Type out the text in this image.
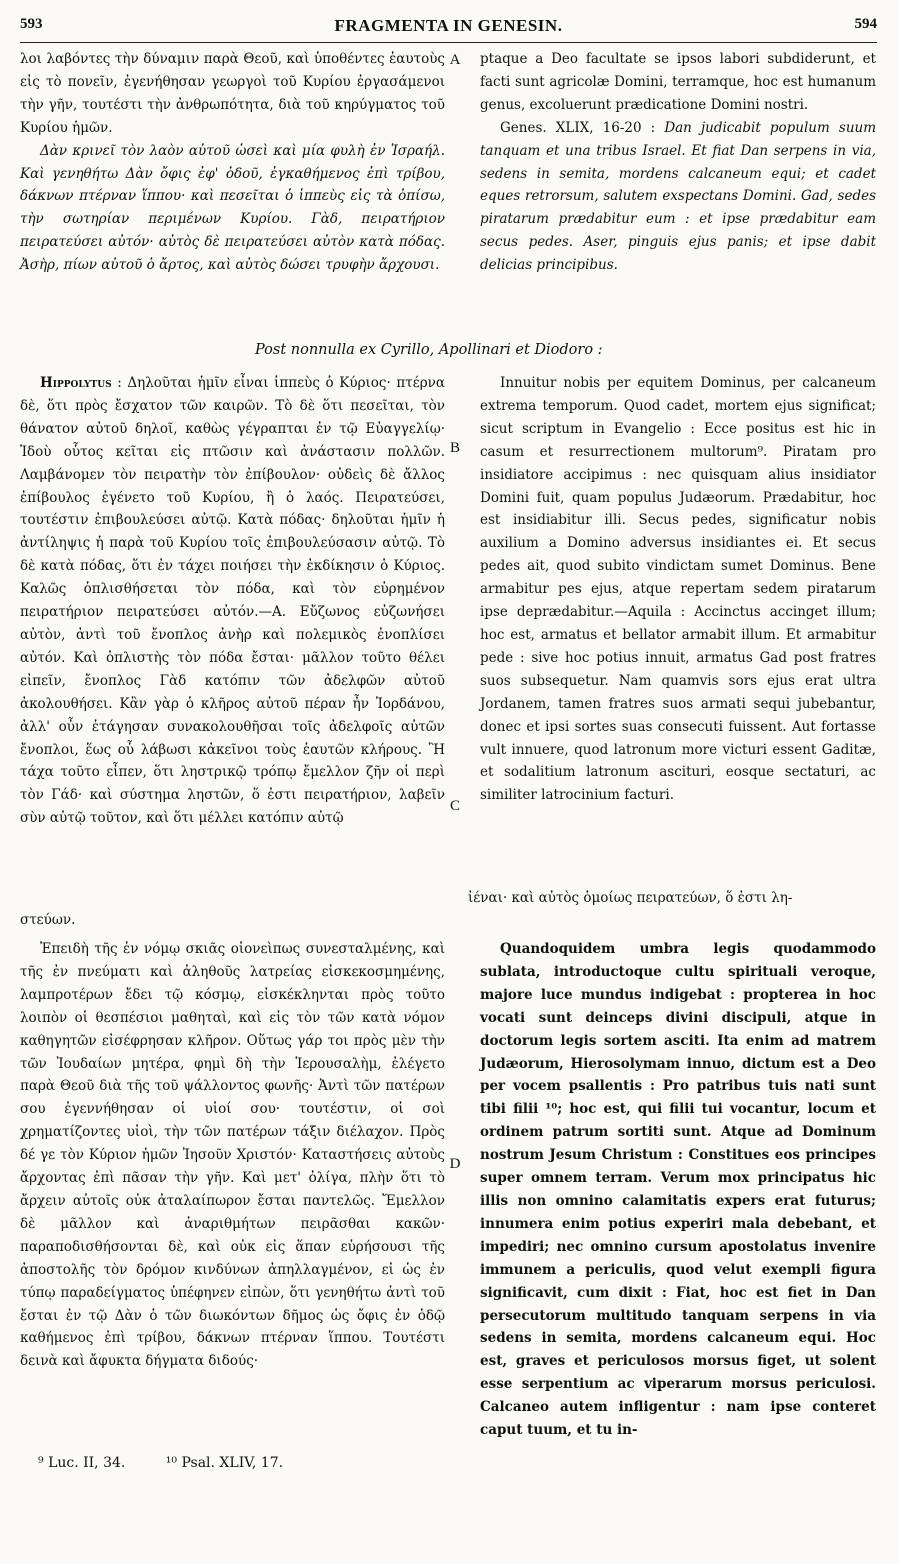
593	FRAGMENTA IN GENESIN.	594

λοι λαβόντες τὴν δύναμιν παρὰ Θεοῦ, καὶ ὑποθέντες ἑαυτοὺς εἰς τὸ πονεῖν, ἐγενήθησαν γεωργοὶ τοῦ Κυρίου ἐργασάμενοι τὴν γῆν, τουτέστι τὴν ἀνθρωπότητα, διὰ τοῦ κηρύγματος τοῦ Κυρίου ἡμῶν.

Δὰν κρινεῖ τὸν λαὸν αὐτοῦ ὡσεὶ καὶ μία φυλὴ ἐν Ἰσραήλ. Καὶ γενηθήτω Δὰν ὄφις ἐφ' ὁδοῦ, ἐγκαθήμενος ἐπὶ τρίβου, δάκνων πτέρναν ἵππου· καὶ πεσεῖται ὁ ἱππεὺς εἰς τὰ ὀπίσω, τὴν σωτηρίαν περιμένων Κυρίου. Γὰδ, πειρατήριον πειρατεύσει αὐτόν· αὐτὸς δὲ πειρατεύσει αὐτὸν κατὰ πόδας. Ἀσὴρ, πίων αὐτοῦ ὁ ἄρτος, καὶ αὐτὸς δώσει τρυφὴν ἄρχουσι.

ptaque a Deo facultate se ipsos labori subdiderunt, et facti sunt agricolæ Domini, terramque, hoc est humanum genus, excoluerunt prædicatione Domini nostri.

Genes. XLIX, 16-20 : Dan judicabit populum suum tanquam et una tribus Israel. Et fiat Dan serpens in via, sedens in semita, mordens calcaneum equi; et cadet eques retrorsum, salutem exspectans Domini. Gad, sedes piratarum prædabitur eum : et ipse prædabitur eam secus pedes. Aser, pinguis ejus panis; et ipse dabit delicias principibus.

Post nonnulla ex Cyrillo, Apollinari et Diodoro :

Hippolytus : Δηλοῦται ἡμῖν εἶναι ἱππεὺς ὁ Κύριος· πτέρνα δὲ, ὅτι πρὸς ἔσχατον τῶν καιρῶν. Τὸ δὲ ὅτι πεσεῖται, τὸν θάνατον αὐτοῦ δηλοῖ, καθὼς γέγραπται ἐν τῷ Εὐαγγελίῳ· Ἰδοὺ οὗτος κεῖται εἰς πτῶσιν καὶ ἀνάστασιν πολλῶν. Λαμβάνομεν τὸν πειρατὴν τὸν ἐπίβουλον· οὐδεὶς δὲ ἄλλος ἐπίβουλος ἐγένετο τοῦ Κυρίου, ἢ ὁ λαός. Πειρατεύσει, τουτέστιν ἐπιβουλεύσει αὐτῷ. Κατὰ πόδας· δηλοῦται ἡμῖν ἡ ἀντίληψις ἡ παρὰ τοῦ Κυρίου τοῖς ἐπιβουλεύσασιν αὐτῷ. Τὸ δὲ κατὰ πόδας, ὅτι ἐν τάχει ποιήσει τὴν ἐκδίκησιν ὁ Κύριος. Καλῶς ὁπλισθήσεται τὸν πόδα, καὶ τὸν εὑρημένον πειρατήριον πειρατεύσει αὐτόν.—Α. Εὔζωνος εὐζωνήσει αὐτὸν, ἀντὶ τοῦ ἔνοπλος ἀνὴρ καὶ πολεμικὸς ἐνοπλίσει αὐτόν. Καὶ ὁπλιστὴς τὸν πόδα ἔσται· μᾶλλον τοῦτο θέλει εἰπεῖν, ἔνοπλος Γὰδ κατόπιν τῶν ἀδελφῶν αὐτοῦ ἀκολουθήσει. Κἂν γὰρ ὁ κλῆρος αὐτοῦ πέραν ἦν Ἰορδάνου, ἀλλ' οὖν ἐτάγησαν συνακολουθῆσαι τοῖς ἀδελφοῖς αὐτῶν ἔνοπλοι, ἕως οὗ λάβωσι κἀκεῖνοι τοὺς ἑαυτῶν κλήρους. Ἢ τάχα τοῦτο εἶπεν, ὅτι ληστρικῷ τρόπῳ ἔμελλον ζῆν οἱ περὶ τὸν Γάδ· καὶ σύστημα ληστῶν, ὅ ἐστι πειρατήριον, λαβεῖν σὺν αὐτῷ τοῦτον, καὶ ὅτι μέλλει κατόπιν αὐτῷ

Innuitur nobis per equitem Dominus, per calcaneum extrema temporum. Quod cadet, mortem ejus significat; sicut scriptum in Evangelio : Ecce positus est hic in casum et resurrectionem multorum⁹. Piratam pro insidiatore accipimus : nec quisquam alius insidiator Domini fuit, quam populus Judæorum. Prædabitur, hoc est insidiabitur illi. Secus pedes, significatur nobis auxilium a Domino adversus insidiantes ei. Et secus pedes ait, quod subito vindictam sumet Dominus. Bene armabitur pes ejus, atque repertam sedem piratarum ipse deprædabitur.—Aquila : Accinctus accinget illum; hoc est, armatus et bellator armabit illum. Et armabitur pede : sive hoc potius innuit, armatus Gad post fratres suos subsequetur. Nam quamvis sors ejus erat ultra Jordanem, tamen fratres suos armati sequi jubebantur, donec et ipsi sortes suas consecuti fuissent. Aut fortasse vult innuere, quod latronum more victuri essent Gaditæ, et sodalitium latronum ascituri, eosque sectaturi, ac similiter latrocinium facturi.

ἰέναι· καὶ αὐτὸς ὁμοίως πειρατεύων, ὅ ἐστι λη-
στεύων.

Ἐπειδὴ τῆς ἐν νόμῳ σκιᾶς οἱονεὶπως συνεσταλμένης, καὶ τῆς ἐν πνεύματι καὶ ἀληθοῦς λατρείας εἰσκεκοσμημένης, λαμπροτέρων ἔδει τῷ κόσμῳ, εἰσκέκληνται πρὸς τοῦτο λοιπὸν οἱ θεσπέσιοι μαθηταὶ, καὶ εἰς τὸν τῶν κατὰ νόμον καθηγητῶν εἰσέφρησαν κλῆρον. Οὕτως γάρ τοι πρὸς μὲν τὴν τῶν Ἰουδαίων μητέρα, φημὶ δὴ τὴν Ἱερουσαλὴμ, ἐλέγετο παρὰ Θεοῦ διὰ τῆς τοῦ ψάλλοντος φωνῆς· Ἀντὶ τῶν πατέρων σου ἐγεννήθησαν οἱ υἱοί σου· τουτέστιν, οἱ σοὶ χρηματίζοντες υἱοὶ, τὴν τῶν πατέρων τάξιν διέλαχον. Πρὸς δέ γε τὸν Κύριον ἡμῶν Ἰησοῦν Χριστόν· Καταστήσεις αὐτοὺς ἄρχοντας ἐπὶ πᾶσαν τὴν γῆν. Καὶ μετ' ὀλίγα, πλὴν ὅτι τὸ ἄρχειν αὐτοῖς οὐκ ἀταλαίπωρον ἔσται παντελῶς. Ἔμελλον δὲ μᾶλλον καὶ ἀναριθμήτων πειρᾶσθαι κακῶν· παραποδισθήσονται δὲ, καὶ οὐκ εἰς ἅπαν εὑρήσουσι τῆς ἀποστολῆς τὸν δρόμον κινδύνων ἀπηλλαγμένον, εἰ ὡς ἐν τύπῳ παραδείγματος ὑπέφηνεν εἰπὼν, ὅτι γενηθήτω ἀντὶ τοῦ ἔσται ἐν τῷ Δὰν ὁ τῶν διωκόντων δῆμος ὡς ὄφις ἐν ὁδῷ καθήμενος ἐπὶ τρίβου, δάκνων πτέρναν ἵππου. Τουτέστι δεινὰ καὶ ἄφυκτα δήγματα διδούς·

Quandoquidem umbra legis quodammodo sublata, introductoque cultu spirituali veroque, majore luce mundus indigebat : propterea in hoc vocati sunt deinceps divini discipuli, atque in doctorum legis sortem asciti. Ita enim ad matrem Judæorum, Hierosolymam innuo, dictum est a Deo per vocem psallentis : Pro patribus tuis nati sunt tibi filii ¹⁰; hoc est, qui filii tui vocantur, locum et ordinem patrum sortiti sunt. Atque ad Dominum nostrum Jesum Christum : Constitues eos principes super omnem terram. Verum mox principatus hic illis non omnino calamitatis expers erat futurus; innumera enim potius experiri mala debebant, et impediri; nec omnino cursum apostolatus invenire immunem a periculis, quod velut exempli figura significavit, cum dixit : Fiat, hoc est fiet in Dan persecutorum multitudo tanquam serpens in via sedens in semita, mordens calcaneum equi. Hoc est, graves et periculosos morsus figet, ut solent esse serpentium ac viperarum morsus periculosi. Calcaneo autem infligentur : nam ipse conteret caput tuum, et tu in-

A
B
C
D
⁹ Luc. II, 34.	¹⁰ Psal. XLIV, 17.
